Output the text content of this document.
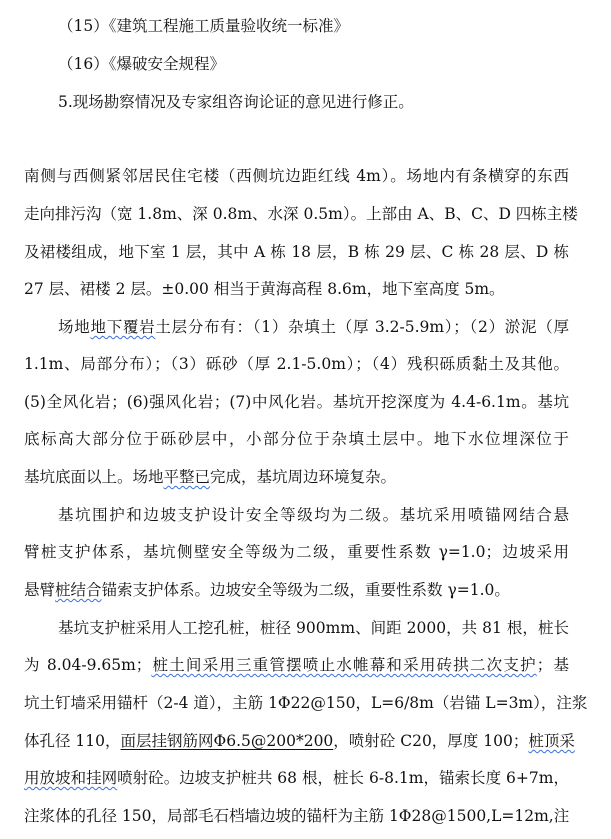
（15）《建筑工程施工质量验收统一标准》
（16）《爆破安全规程》
5.现场勘察情况及专家组咨询论证的意见进行修正。
南侧与西侧紧邻居民住宅楼（西侧坑边距红线 4m）。场地内有条横穿的东西
走向排污沟（宽 1.8m、深 0.8m、水深 0.5m）。上部由 A、B、C、D 四栋主楼
及裙楼组成，地下室 1 层，其中 A 栋 18 层，B 栋 29 层、C 栋 28 层、D 栋
27 层、裙楼 2 层。±0.00 相当于黄海高程 8.6m，地下室高度 5m。
场地地下覆岩土层分布有：（1）杂填土（厚 3.2-5.9m）；（2）淤泥（厚
1.1m、局部分布）；（3）砾砂（厚 2.1-5.0m）；（4）残积砾质黏土及其他。
(5)全风化岩；(6)强风化岩；(7)中风化岩。基坑开挖深度为 4.4-6.1m。基坑
底标高大部分位于砾砂层中，小部分位于杂填土层中。地下水位埋深位于
基坑底面以上。场地平整已完成，基坑周边环境复杂。
基坑围护和边坡支护设计安全等级均为二级。基坑采用喷锚网结合悬
臂桩支护体系，基坑侧壁安全等级为二级，重要性系数 γ=1.0；边坡采用
悬臂桩结合锚索支护体系。边坡安全等级为二级，重要性系数 γ=1.0。
基坑支护桩采用人工挖孔桩，桩径 900mm、间距 2000，共 81 根，桩长
为 8.04-9.65m；桩土间采用三重管摆喷止水帷幕和采用砖拱二次支护；基
坑土钉墙采用锚杆（2-4 道），主筋 1Φ22@150，L=6/8m（岩锚 L=3m），注浆
体孔径 110，面层挂钢筋网Φ6.5@200*200，喷射砼 C20，厚度 100；桩顶采
用放坡和挂网喷射砼。边坡支护桩共 68 根，桩长 6-8.1m，锚索长度 6+7m，
注浆体的孔径 150，局部毛石档墙边坡的锚杆为主筋 1Φ28@1500,L=12m,注
